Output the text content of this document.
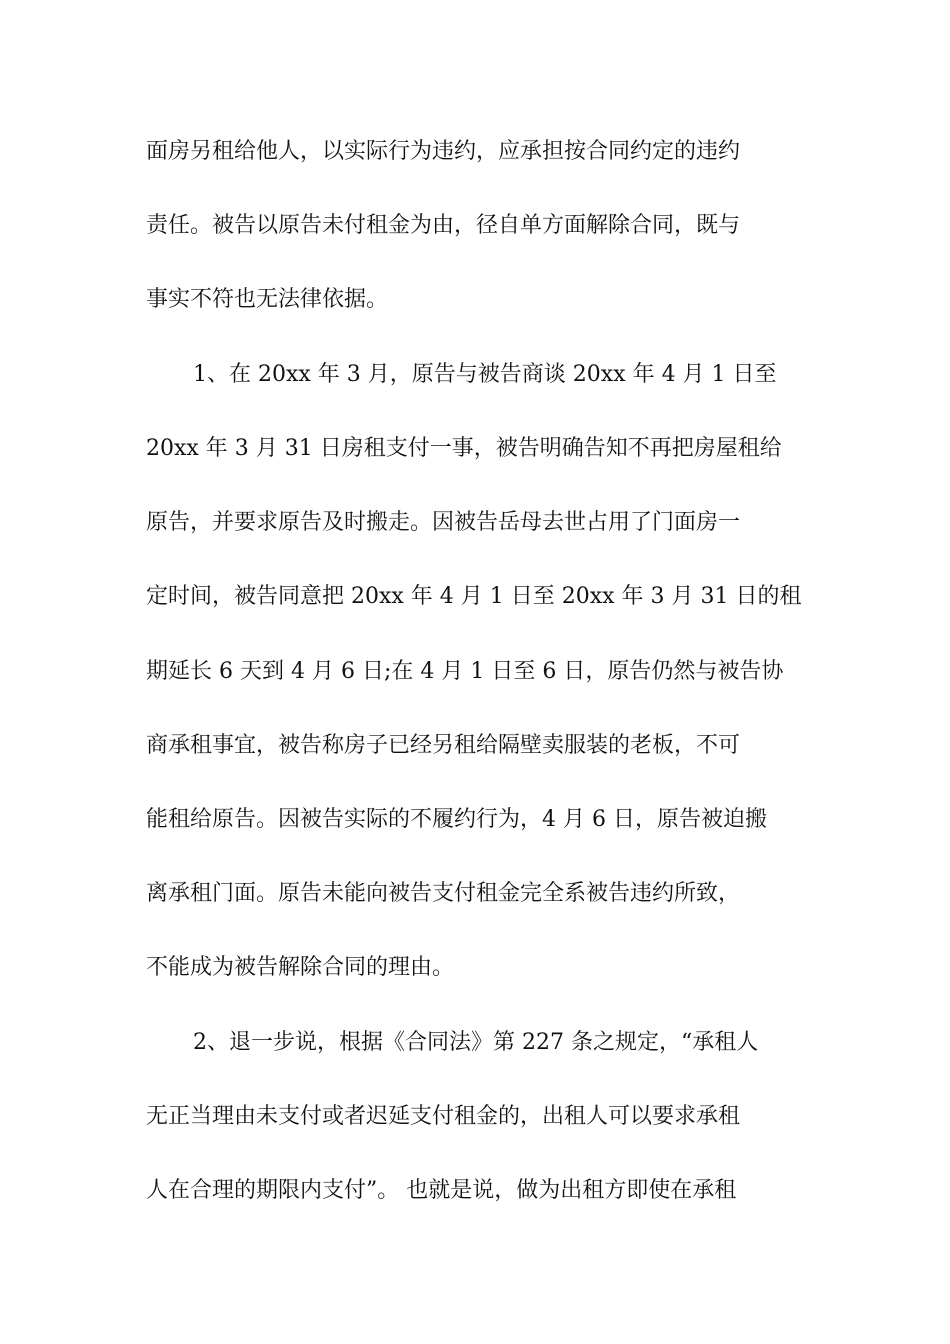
面房另租给他人，以实际行为违约，应承担按合同约定的违约
责任。被告以原告未付租金为由，径自单方面解除合同，既与
事实不符也无法律依据。
1、在 20xx 年 3 月，原告与被告商谈 20xx 年 4 月 1 日至
20xx 年 3 月 31 日房租支付一事，被告明确告知不再把房屋租给
原告，并要求原告及时搬走。因被告岳母去世占用了门面房一
定时间，被告同意把 20xx 年 4 月 1 日至 20xx 年 3 月 31 日的租
期延长 6 天到 4 月 6 日;在 4 月 1 日至 6 日，原告仍然与被告协
商承租事宜，被告称房子已经另租给隔壁卖服装的老板，不可
能租给原告。因被告实际的不履约行为，4 月 6 日，原告被迫搬
离承租门面。原告未能向被告支付租金完全系被告违约所致，
不能成为被告解除合同的理由。
2、退一步说，根据《合同法》第 227 条之规定，“承租人
无正当理由未支付或者迟延支付租金的，出租人可以要求承租
人在合理的期限内支付”。 也就是说，做为出租方即使在承租
